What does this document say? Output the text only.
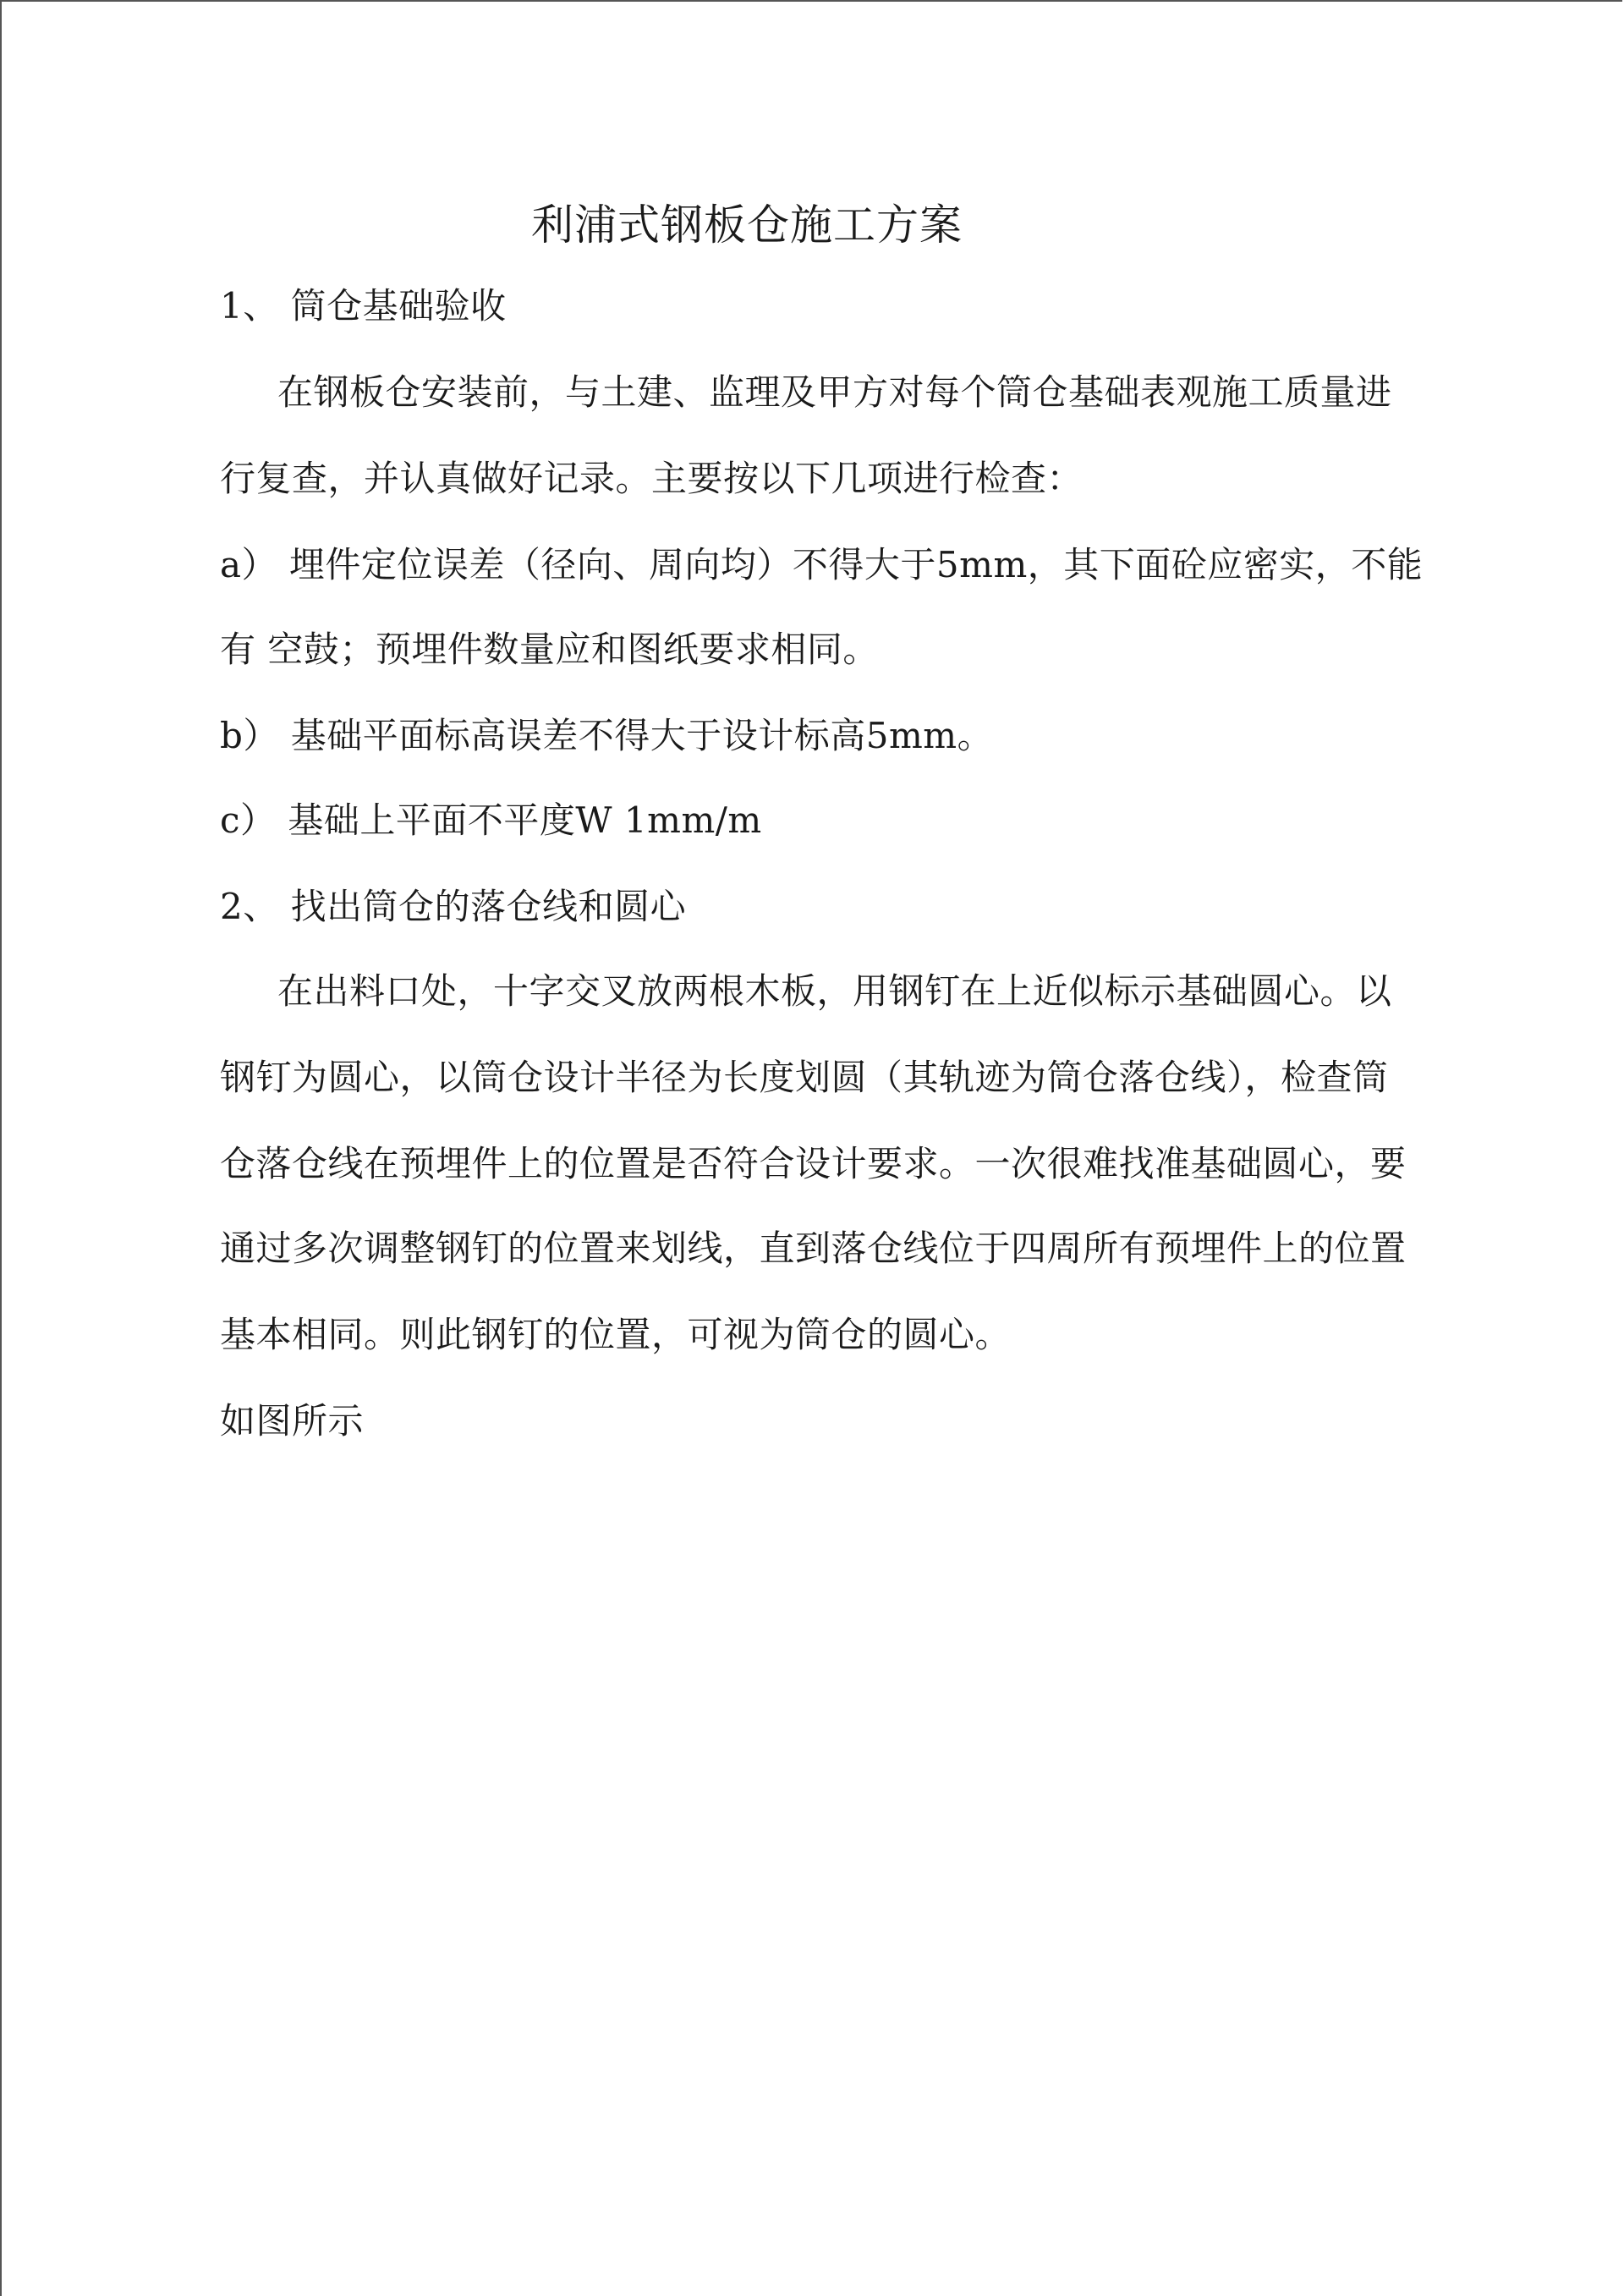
利浦式钢板仓施工方案
1、 筒仓基础验收
在钢板仓安装前，与土建、监理及甲方对每个筒仓基础表观施工质量进
行复查，并认真做好记录。主要按以下几项进行检查：
a） 埋件定位误差（径向、周向均）不得大于5mm，其下面砼应密实，不能
有 空鼓；预埋件数量应和图纸要求相同。
b） 基础平面标高误差不得大于设计标高5mm。
c） 基础上平面不平度W 1mm/m
2、 找出筒仓的落仓线和圆心
在出料口处，十字交叉放两根木板，用钢钉在上近似标示基础圆心。以
钢钉为圆心，以筒仓设计半径为长度划圆（其轨迹为筒仓落仓线），检查筒
仓落仓线在预埋件上的位置是否符合设计要求。一次很难找准基础圆心，要
通过多次调整钢钉的位置来划线，直到落仓线位于四周所有预埋件上的位置
基本相同。则此钢钉的位置，可视为筒仓的圆心。
如图所示
